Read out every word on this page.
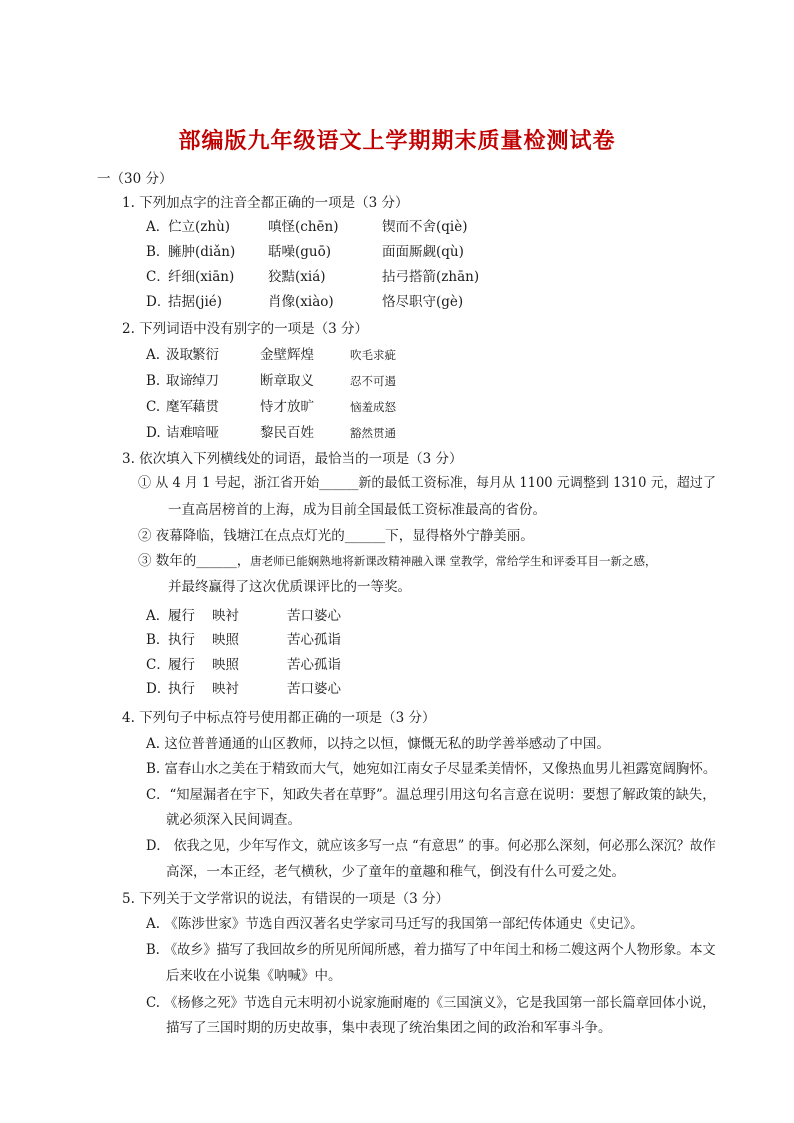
部编版九年级语文上学期期末质量检测试卷
一（30 分）
1. 下列加点字的注音全都正确的一项是（3 分）
A．
伫立(zhù)	嗔怪(chēn)	锲而不舍(qiè)
B．
臃肿(diǎn) 聒噪(guō)	面面厮觑(qù)
C．
纤细(xiān)	狡黠(xiá)	拈弓搭箭(zhān)
D．
拮据(jié)	肖像(xiào)	恪尽职守(gè)
2. 下列词语中没有别字的一项是（3 分）
A. 汲取 繁衍	金壁辉煌	吹毛求疵
B. 取谛 绰刀	断章取义	忍不可遏
C. 麾军 藉贯	恃才放旷	恼羞成怒
D. 诘难 喑哑	黎民百姓	豁然贯通
3. 依次填入下列横线处的词语，最恰当的一项是（3 分）
① 从 4 月 1 号起，浙江省开始______新的最低工资标准，每月从 1100 元调整到 1310 元，超过了
一直高居榜首的上海，成为目前全国最低工资标准最高的省份。
② 夜幕降临，钱塘江在点点灯光的______下，显得格外宁静美丽。
③ 数年的______，唐老师已能娴熟地将新课改精神融入课 堂教学，常给学生和评委耳目一新之感，
并最终赢得了这次优质课评比的一等奖。
A．
履行 映衬	苦口婆心
B．
执行 映照	苦心孤诣
C．
履行 映照	苦心孤诣
D．
执行 映衬	苦口婆心
4. 下列句子中标点符号使用都正确的一项是（3 分）
A. 这位普普通通的山区教师，以持之以恒，慷慨无私的助学善举感动了中国。
B. 富春山水之美在于精致而大气，她宛如江南女子尽显柔美情怀，又像热血男儿袒露宽阔胸怀。
C．“知屋漏者在宇下，知政失者在草野”。温总理引用这句名言意在说明：要想了解政策的缺失，
就必须深入民间调查。
D． 依我之见，少年写作文，就应该多写一点 “有意思” 的事。何必那么深刻，何必那么深沉？故作
高深，一本正经，老气横秋，少了童年的童趣和稚气，倒没有什么可爱之处。
5. 下列关于文学常识的说法，有错误的一项是（3 分）
A. 《陈涉世家》节选自西汉著名史学家司马迁写的我国第一部纪传体通史《史记》。
B. 《故乡》描写了我回故乡的所见所闻所感，着力描写了中年闰土和杨二嫂这两个人物形象。本文
后来收在小说集《呐喊》中。
C. 《杨修之死》节选自元末明初小说家施耐庵的《三国演义》，它是我国第一部长篇章回体小说，
描写了三国时期的历史故事，集中表现了统治集团之间的政治和军事斗争。
